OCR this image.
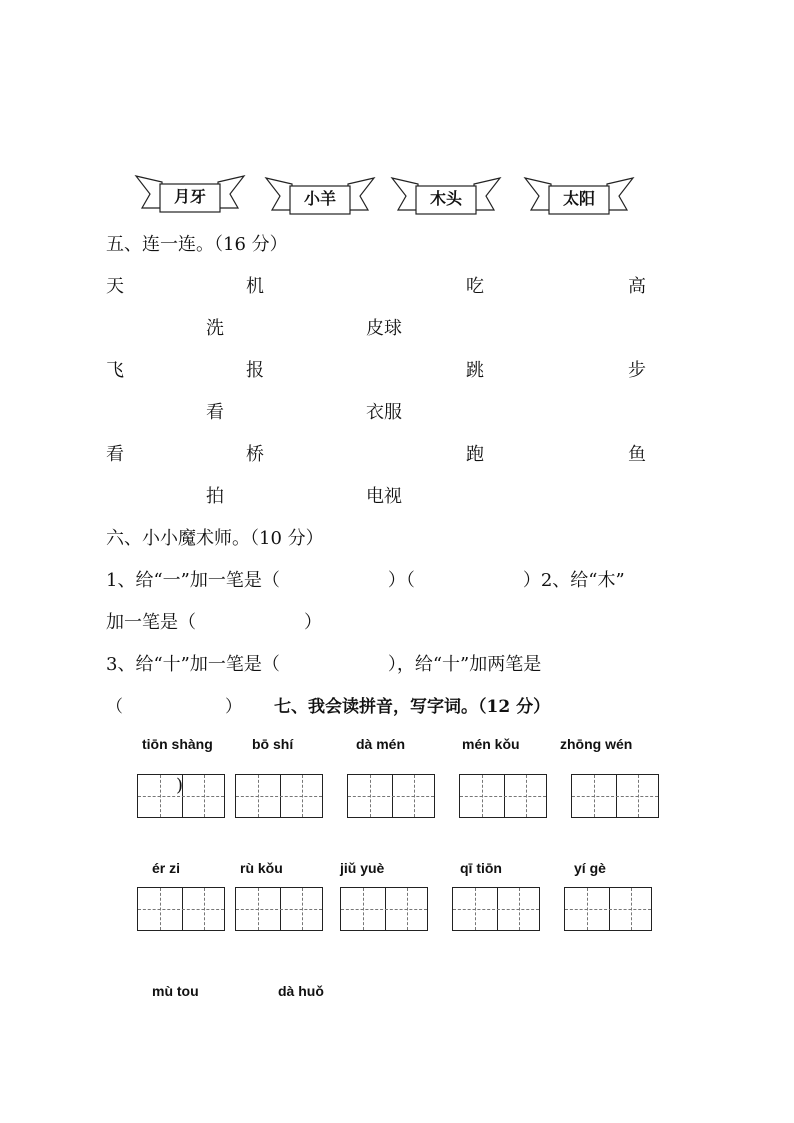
月牙	小羊	木头	太阳
五、连一连。（16 分）
天	机	吃	高
洗	皮球
飞	报	跳	步
看	衣服
看	桥	跑	鱼
拍	电视
六、小小魔术师。（10 分）
1、给“一”加一笔是（　　　　　　）（　　　　　　）2、给“木”
加一笔是（　　　　　　）
3、给“十”加一笔是（　　　　　　），给“十”加两笔是
（　　　　　　） 七、我会读拼音，写字词。（12 分）
tiōn shàng	bō shí	dà mén	mén kǒu	zhōng wén
)
ér zi	rù kǒu	jiǔ yuè	qī tiōn	yí gè
mù tou	dà huǒ
